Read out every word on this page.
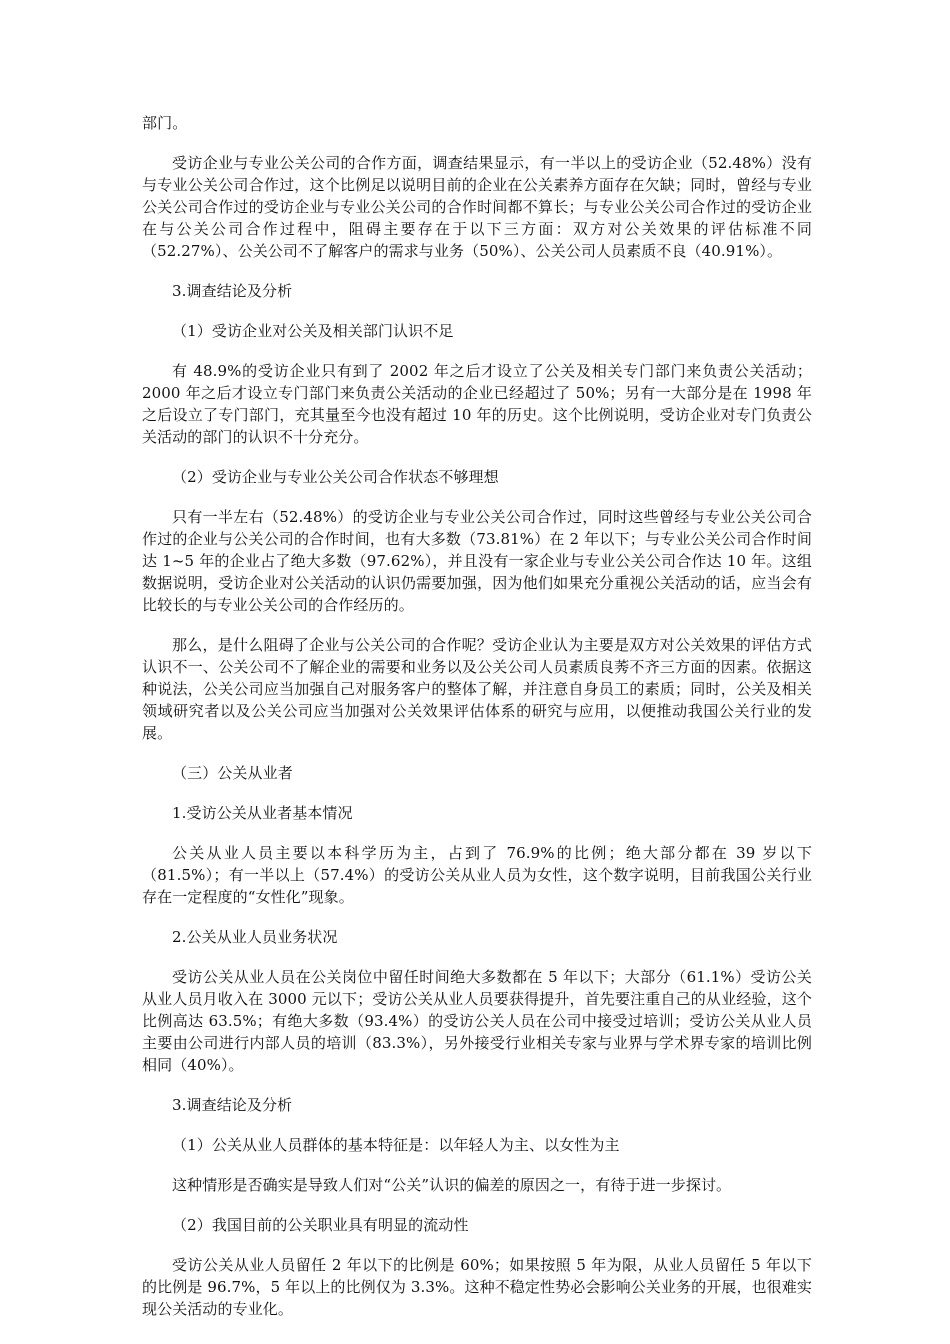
部门。

受访企业与专业公关公司的合作方面，调查结果显示，有一半以上的受访企业（52.48%）没有与专业公关公司合作过，这个比例足以说明目前的企业在公关素养方面存在欠缺；同时，曾经与专业公关公司合作过的受访企业与专业公关公司的合作时间都不算长；与专业公关公司合作过的受访企业在与公关公司合作过程中，阻碍主要存在于以下三方面：双方对公关效果的评估标准不同（52.27%）、公关公司不了解客户的需求与业务（50%）、公关公司人员素质不良（40.91%）。

3.调查结论及分析

（1）受访企业对公关及相关部门认识不足

有 48.9%的受访企业只有到了 2002 年之后才设立了公关及相关专门部门来负责公关活动；2000 年之后才设立专门部门来负责公关活动的企业已经超过了 50%；另有一大部分是在 1998 年之后设立了专门部门，充其量至今也没有超过 10 年的历史。这个比例说明，受访企业对专门负责公关活动的部门的认识不十分充分。

（2）受访企业与专业公关公司合作状态不够理想

只有一半左右（52.48%）的受访企业与专业公关公司合作过，同时这些曾经与专业公关公司合作过的企业与公关公司的合作时间，也有大多数（73.81%）在 2 年以下；与专业公关公司合作时间达 1~5 年的企业占了绝大多数（97.62%），并且没有一家企业与专业公关公司合作达 10 年。这组数据说明，受访企业对公关活动的认识仍需要加强，因为他们如果充分重视公关活动的话，应当会有比较长的与专业公关公司的合作经历的。

那么，是什么阻碍了企业与公关公司的合作呢？受访企业认为主要是双方对公关效果的评估方式认识不一、公关公司不了解企业的需要和业务以及公关公司人员素质良莠不齐三方面的因素。依据这种说法，公关公司应当加强自己对服务客户的整体了解，并注意自身员工的素质；同时，公关及相关领域研究者以及公关公司应当加强对公关效果评估体系的研究与应用，以便推动我国公关行业的发展。

（三）公关从业者

1.受访公关从业者基本情况

公关从业人员主要以本科学历为主，占到了 76.9%的比例；绝大部分都在 39 岁以下（81.5%）；有一半以上（57.4%）的受访公关从业人员为女性，这个数字说明，目前我国公关行业存在一定程度的“女性化”现象。

2.公关从业人员业务状况

受访公关从业人员在公关岗位中留任时间绝大多数都在 5 年以下；大部分（61.1%）受访公关从业人员月收入在 3000 元以下；受访公关从业人员要获得提升，首先要注重自己的从业经验，这个比例高达 63.5%；有绝大多数（93.4%）的受访公关人员在公司中接受过培训；受访公关从业人员主要由公司进行内部人员的培训（83.3%），另外接受行业相关专家与业界与学术界专家的培训比例相同（40%）。

3.调查结论及分析

（1）公关从业人员群体的基本特征是：以年轻人为主、以女性为主

这种情形是否确实是导致人们对“公关”认识的偏差的原因之一，有待于进一步探讨。

（2）我国目前的公关职业具有明显的流动性

受访公关从业人员留任 2 年以下的比例是 60%；如果按照 5 年为限，从业人员留任 5 年以下的比例是 96.7%，5 年以上的比例仅为 3.3%。这种不稳定性势必会影响公关业务的开展，也很难实现公关活动的专业化。
